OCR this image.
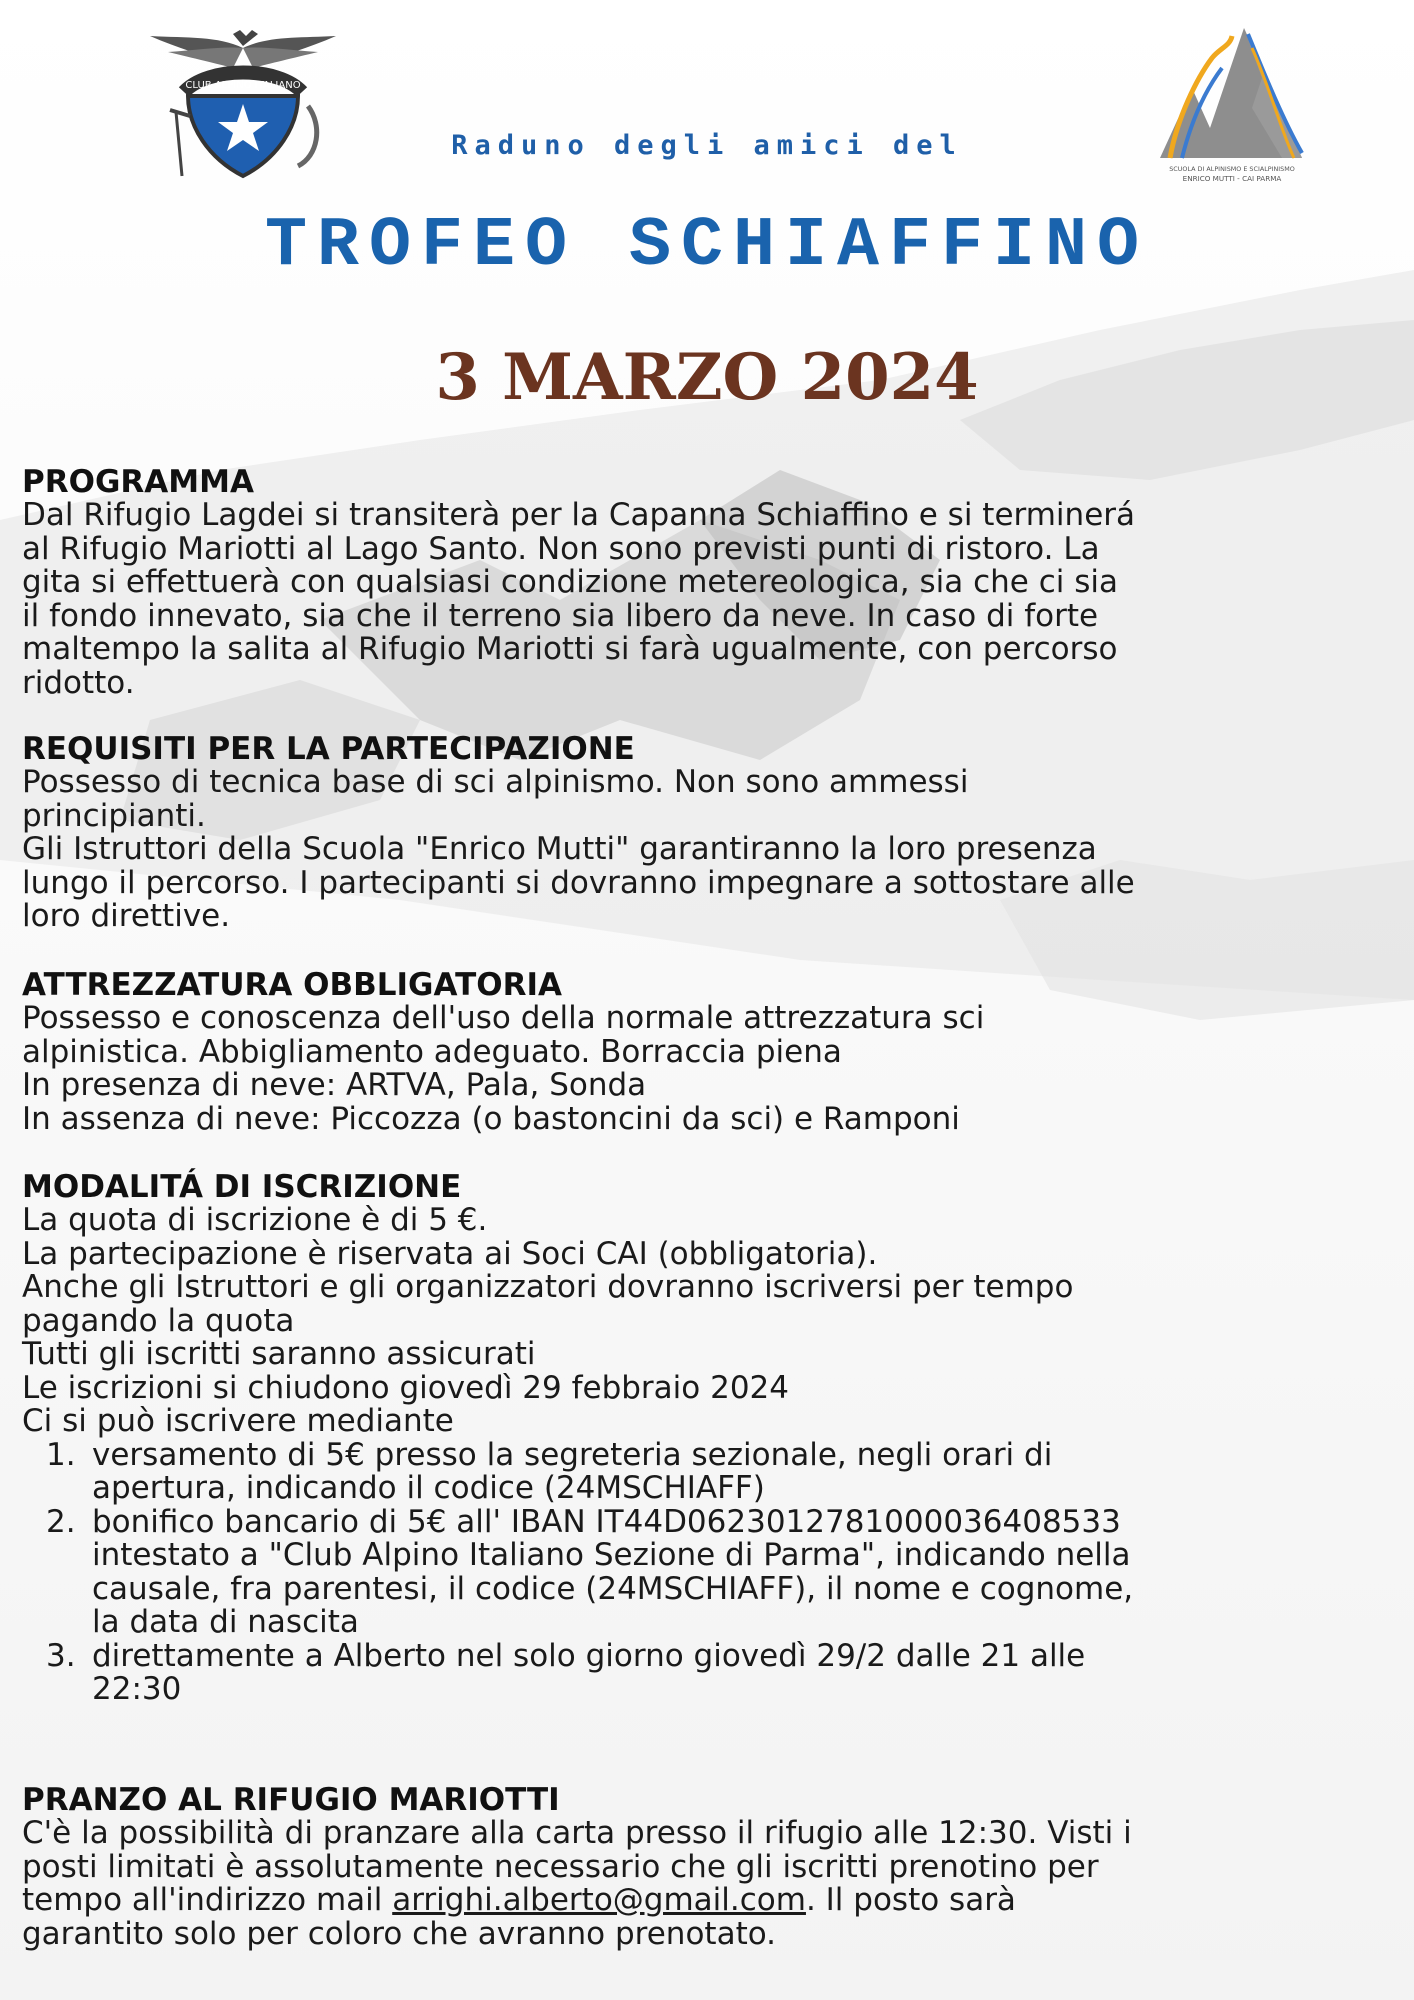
CLUB ALPINO ITALIANO
SCUOLA DI ALPINISMO E SCIALPINISMO
ENRICO MUTTI - CAI PARMA
Raduno degli amici del
TROFEO SCHIAFFINO
3 MARZO 2024
PROGRAMMA

Dal Rifugio Lagdei si transiterà per la Capanna Schiaffino e si terminerá

al Rifugio Mariotti al Lago Santo. Non sono previsti punti di ristoro. La

gita si effettuerà con qualsiasi condizione metereologica, sia che ci sia

il fondo innevato, sia che il terreno sia libero da neve. In caso di forte

maltempo la salita al Rifugio Mariotti si farà ugualmente, con percorso

ridotto.

REQUISITI PER LA PARTECIPAZIONE

Possesso di tecnica base di sci alpinismo. Non sono ammessi

principianti.

Gli Istruttori della Scuola "Enrico Mutti" garantiranno la loro presenza

lungo il percorso. I partecipanti si dovranno impegnare a sottostare alle

loro direttive.

ATTREZZATURA OBBLIGATORIA

Possesso e conoscenza dell'uso della normale attrezzatura sci

alpinistica. Abbigliamento adeguato. Borraccia piena

In presenza di neve: ARTVA, Pala, Sonda

In assenza di neve: Piccozza (o bastoncini da sci) e Ramponi

MODALITÁ DI ISCRIZIONE

La quota di iscrizione è di 5 €.

La partecipazione è riservata ai Soci CAI (obbligatoria).

Anche gli Istruttori e gli organizzatori dovranno iscriversi per tempo

pagando la quota

Tutti gli iscritti saranno assicurati

Le iscrizioni si chiudono giovedì 29 febbraio 2024

Ci si può iscrivere mediante

1. versamento di 5€ presso la segreteria sezionale, negli orari di
apertura, indicando il codice (24MSCHIAFF)
2. bonifico bancario di 5€ all' IBAN IT44D0623012781000036408533
intestato a "Club Alpino Italiano Sezione di Parma", indicando nella
causale, fra parentesi, il codice (24MSCHIAFF), il nome e cognome,
la data di nascita
3. direttamente a Alberto nel solo giorno giovedì 29/2 dalle 21 alle
22:30
PRANZO AL RIFUGIO MARIOTTI

C'è la possibilità di pranzare alla carta presso il rifugio alle 12:30. Visti i

posti limitati è assolutamente necessario che gli iscritti prenotino per

tempo all'indirizzo mail arrighi.alberto@gmail.com. Il posto sarà

garantito solo per coloro che avranno prenotato.
